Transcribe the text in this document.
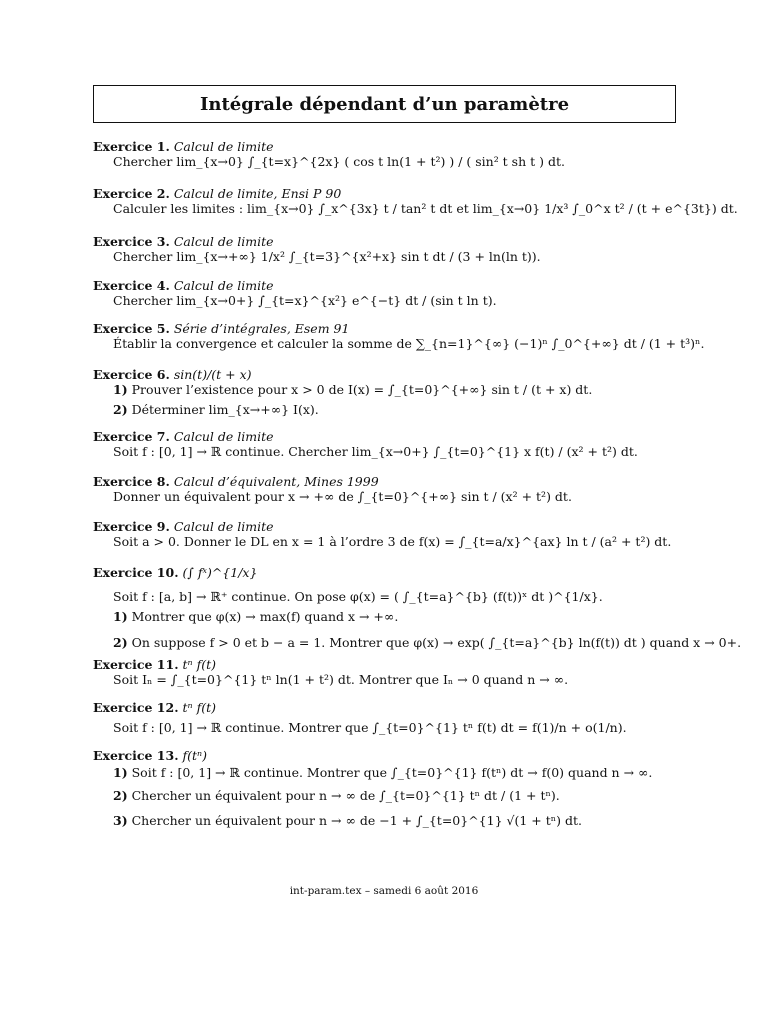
Intégrale dépendant d’un paramètre
Exercice 1. Calcul de limite
Chercher lim_{x→0} ∫_{t=x}^{2x} ( cos t ln(1 + t²) ) / ( sin² t sh t ) dt.
Exercice 2. Calcul de limite, Ensi P 90
Calculer les limites : lim_{x→0} ∫_x^{3x} t / tan² t dt et lim_{x→0} 1/x³ ∫_0^x t² / (t + e^{3t}) dt.
Exercice 3. Calcul de limite
Chercher lim_{x→+∞} 1/x² ∫_{t=3}^{x²+x} sin t dt / (3 + ln(ln t)).
Exercice 4. Calcul de limite
Chercher lim_{x→0+} ∫_{t=x}^{x²} e^{−t} dt / (sin t ln t).
Exercice 5. Série d’intégrales, Esem 91
Établir la convergence et calculer la somme de ∑_{n=1}^{∞} (−1)ⁿ ∫_0^{+∞} dt / (1 + t³)ⁿ.
Exercice 6. sin(t)/(t + x)
1) Prouver l’existence pour x > 0 de I(x) = ∫_{t=0}^{+∞} sin t / (t + x) dt.
2) Déterminer lim_{x→+∞} I(x).
Exercice 7. Calcul de limite
Soit f : [0, 1] → ℝ continue. Chercher lim_{x→0+} ∫_{t=0}^{1} x f(t) / (x² + t²) dt.
Exercice 8. Calcul d’équivalent, Mines 1999
Donner un équivalent pour x → +∞ de ∫_{t=0}^{+∞} sin t / (x² + t²) dt.
Exercice 9. Calcul de limite
Soit a > 0. Donner le DL en x = 1 à l’ordre 3 de f(x) = ∫_{t=a/x}^{ax} ln t / (a² + t²) dt.
Exercice 10. (∫ fˣ)^{1/x}
Soit f : [a, b] → ℝ⁺ continue. On pose φ(x) = ( ∫_{t=a}^{b} (f(t))ˣ dt )^{1/x}.
1) Montrer que φ(x) → max(f) quand x → +∞.
2) On suppose f > 0 et b − a = 1. Montrer que φ(x) → exp( ∫_{t=a}^{b} ln(f(t)) dt ) quand x → 0+.
Exercice 11. tⁿ f(t)
Soit Iₙ = ∫_{t=0}^{1} tⁿ ln(1 + t²) dt. Montrer que Iₙ → 0 quand n → ∞.
Exercice 12. tⁿ f(t)
Soit f : [0, 1] → ℝ continue. Montrer que ∫_{t=0}^{1} tⁿ f(t) dt = f(1)/n + o(1/n).
Exercice 13. f(tⁿ)
1) Soit f : [0, 1] → ℝ continue. Montrer que ∫_{t=0}^{1} f(tⁿ) dt → f(0) quand n → ∞.
2) Chercher un équivalent pour n → ∞ de ∫_{t=0}^{1} tⁿ dt / (1 + tⁿ).
3) Chercher un équivalent pour n → ∞ de −1 + ∫_{t=0}^{1} √(1 + tⁿ) dt.
int-param.tex – samedi 6 août 2016
